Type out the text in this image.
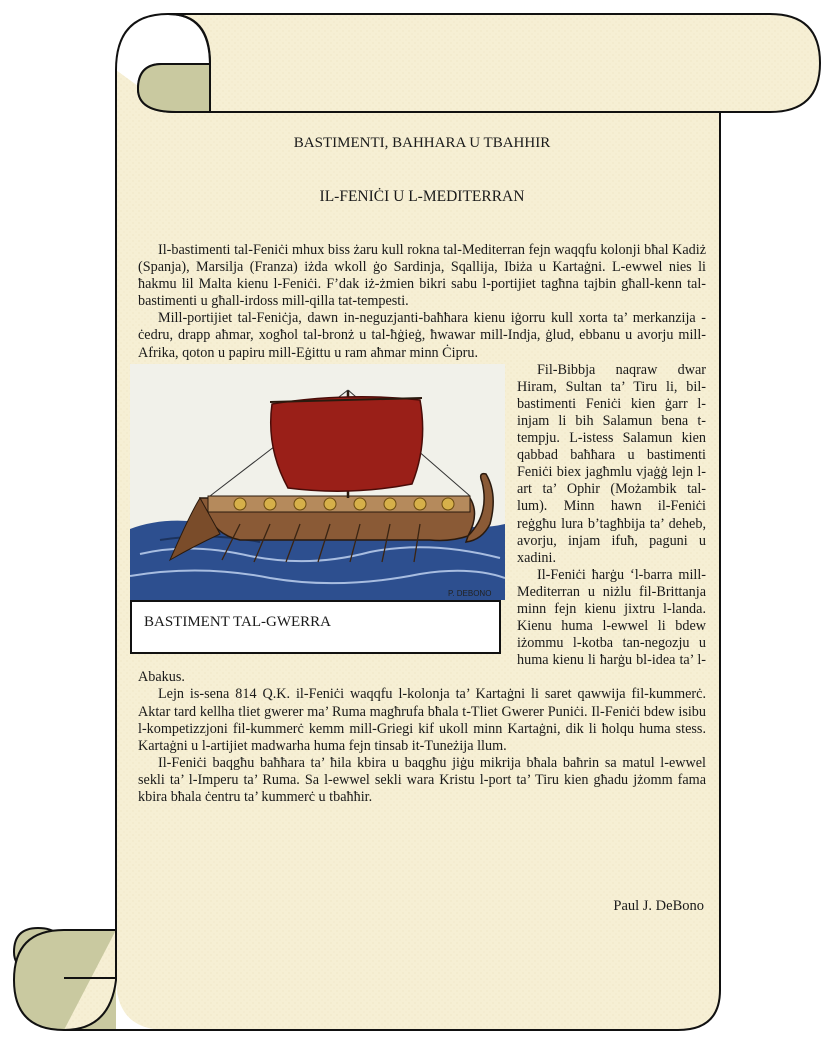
BASTIMENTI, BAHHARA U TBAHHIR
IL-FENIĊI U L-MEDITERRAN

Il-bastimenti tal-Feniċi mhux biss żaru kull rokna tal-Mediterran fejn waqqfu kolonji bħal Kadiż (Spanja), Marsilja (Franza) iżda wkoll ġo Sardinja, Sqallija, Ibiża u Kartaġni. L-ewwel nies li ħakmu lil Malta kienu l-Feniċi. F’dak iż-żmien bikri sabu l-portijiet tagħna tajbin għall-kenn tal-bastimenti u għall-irdoss mill-qilla tat-tempesti.

Mill-portijiet tal-Feniċja, dawn in-neguzjanti-baħħara kienu iġorru kull xorta ta’ merkanzija - ċedru, drapp aħmar, xogħol tal-bronż u tal-ħġieġ, ħwawar mill-Indja, ġlud, ebbanu u avorju mill-Afrika, qoton u papiru mill-Eġittu u ram aħmar minn Ċipru.

P. DEBONO
BASTIMENT TAL-GWERRA

Fil-Bibbja naqraw dwar Hiram, Sultan ta’ Tiru li, bil-bastimenti Feniċi kien ġarr l-injam li bih Salamun bena t-tempju. L-istess Salamun kien qabbad baħħara u bastimenti Feniċi biex jagħmlu vjaġġ lejn l-art ta’ Ophir (Możambik tal-lum). Minn hawn il-Feniċi reġgħu lura b’tagħbija ta’ deheb, avorju, injam ifuħ, paguni u xadini.

Il-Feniċi ħarġu ‘l-barra mill-Mediterran u niżlu fil-Brittanja minn fejn kienu jixtru l-landa. Kienu huma l-ewwel li bdew iżommu l-kotba tan-negozju u huma kienu li ħarġu bl-idea ta’ l-Abakus.

Lejn is-sena 814 Q.K. il-Feniċi waqqfu l-kolonja ta’ Kartaġni li saret qawwija fil-kummerċ. Aktar tard kellha tliet gwerer ma’ Ruma magħrufa bħala t-Tliet Gwerer Puniċi. Il-Feniċi bdew isibu l-kompetizzjoni fil-kummerċ kemm mill-Griegi kif ukoll minn Kartaġni, dik li ħolqu huma stess. Kartaġni u l-artijiet madwarha huma fejn tinsab it-Tuneżija llum.

Il-Feniċi baqgħu baħħara ta’ ħila kbira u baqgħu jiġu mikrija bħala baħrin sa matul l-ewwel sekli ta’ l-Imperu ta’ Ruma. Sa l-ewwel sekli wara Kristu l-port ta’ Tiru kien għadu jżomm fama kbira bħala ċentru ta’ kummerċ u tbaħħir.

Paul J. DeBono
